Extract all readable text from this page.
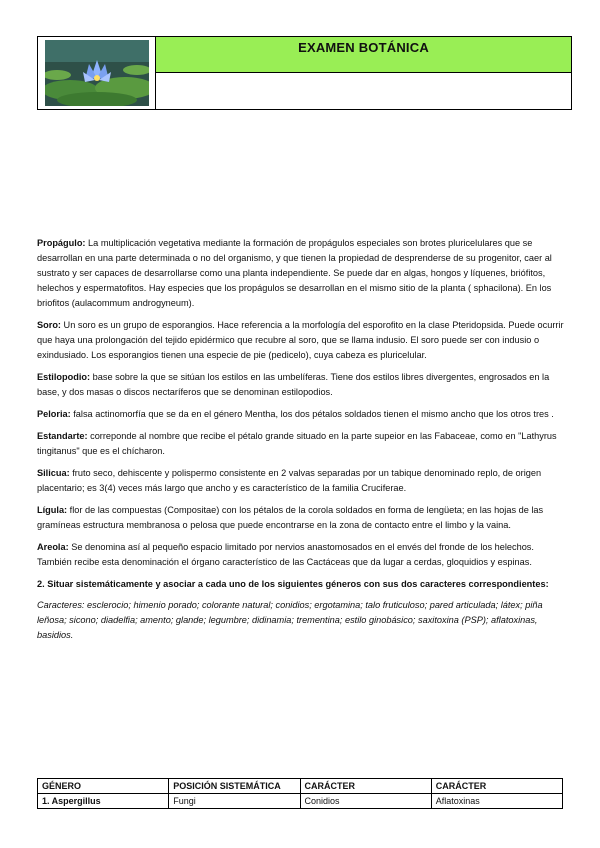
EXAMEN BOTÁNICA

Propágulo: La multiplicación vegetativa mediante la formación de propágulos especiales son brotes pluricelulares que se desarrollan en una parte determinada o no del organismo, y que tienen la propiedad de desprenderse de su progenitor, caer al sustrato y ser capaces de desarrollarse como una planta independiente. Se puede dar en algas, hongos y líquenes, briófitos, helechos y espermatofitos. Hay especies que los propágulos se desarrollan en el mismo sitio de la planta ( sphacilona). En los briofitos (aulacommum androgyneum).

Soro: Un soro es un grupo de esporangios. Hace referencia a la morfología del esporofito en la clase Pteridopsida. Puede ocurrir que haya una prolongación del tejido epidérmico que recubre al soro, que se llama indusio. El soro puede ser con indusio o exindusiado. Los esporangios tienen una especie de pie (pedicelo), cuya cabeza es pluricelular.

Estilopodio: base sobre la que se sitúan los estilos en las umbelíferas. Tiene dos estilos libres divergentes, engrosados en la base, y dos masas o discos nectaríferos que se denominan estilopodios.

Peloria: falsa actinomorfía que se da en el género Mentha, los dos pétalos soldados tienen el mismo ancho que los otros tres .

Estandarte: correponde al nombre que recibe el pétalo grande situado en la parte supeior en las Fabaceae, como en "Lathyrus tingitanus" que es el chícharon.

Silicua: fruto seco, dehiscente y polispermo consistente en 2 valvas separadas por un tabique denominado replo, de origen placentario; es 3(4) veces más largo que ancho y es característico de la familia Cruciferae.

Lígula: flor de las compuestas (Compositae) con los pétalos de la corola soldados en forma de lengüeta; en las hojas de las gramíneas estructura membranosa o pelosa que puede encontrarse en la zona de contacto entre el limbo y la vaina.

Areola: Se denomina así al pequeño espacio limitado por nervios anastomosados en el envés del fronde de los helechos. También recibe esta denominación el órgano característico de las Cactáceas que da lugar a cerdas, gloquidios y espinas.

2. Situar sistemáticamente y asociar a cada uno de los siguientes géneros con sus dos caracteres correspondientes:

Caracteres: esclerocio; himenio porado; colorante natural; conidios; ergotamina; talo fruticuloso; pared articulada; látex; piña leñosa; sicono; diadelfia; amento; glande; legumbre; didinamia; trementina; estilo ginobásico; saxitoxina (PSP); aflatoxinas, basidios.

GÉNERO	POSICIÓN SISTEMÁTICA	CARÁCTER	CARÁCTER
1. Aspergillus	Fungi	Conidios	Aflatoxinas
